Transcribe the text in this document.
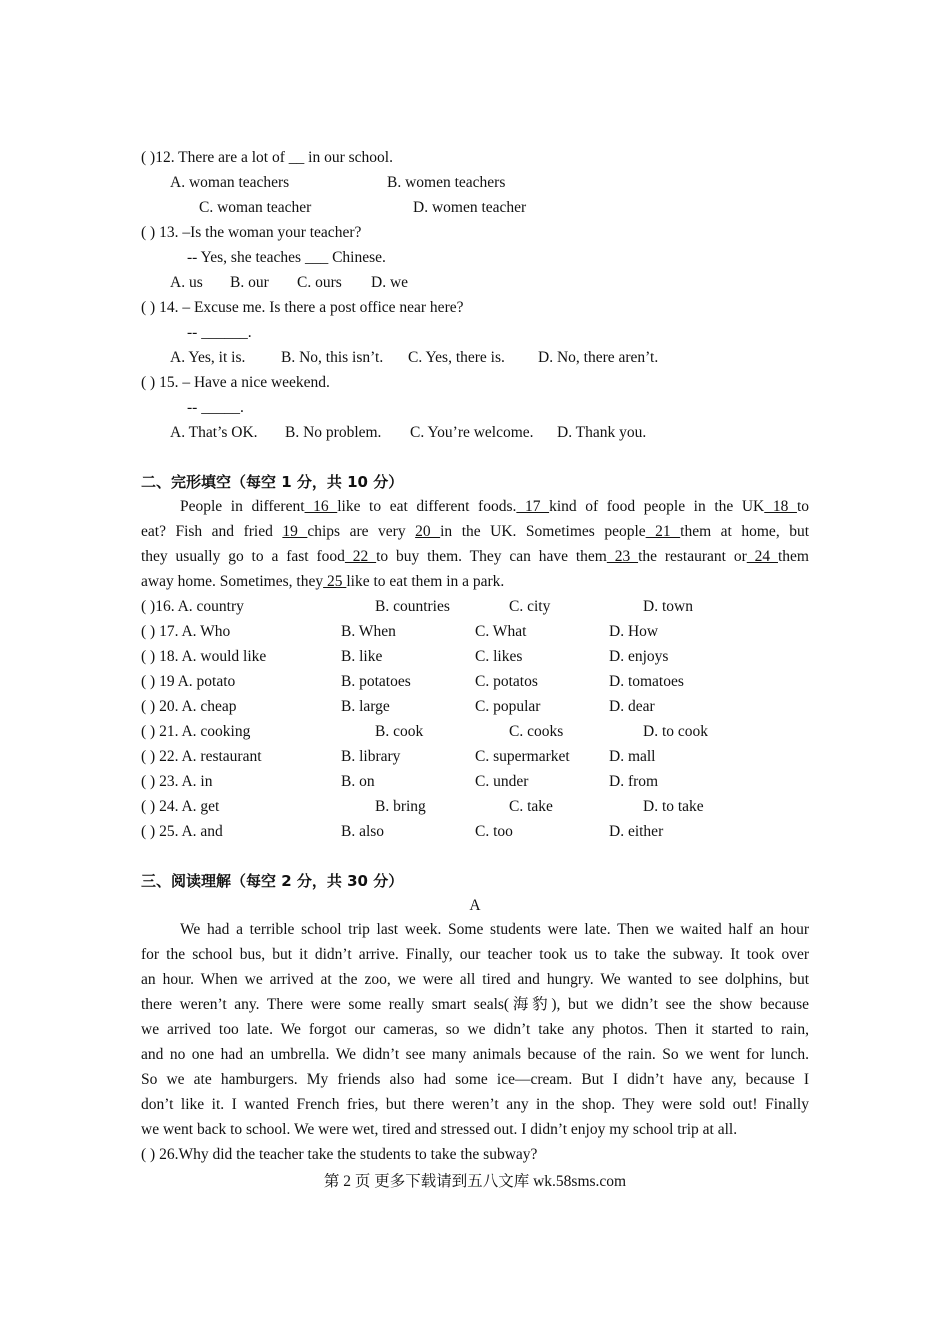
( )12. There are a lot of __ in our school.
A. woman teachers	B. women teachers
C. woman teacher	D. women teacher
( ) 13. –Is the woman your teacher?
-- Yes, she teaches ___ Chinese.
A. us B. our C. ours D. we
( ) 14. – Excuse me. Is there a post office near here?
-- ______.
A. Yes, it is. B. No, this isn’t. C. Yes, there is. D. No, there aren’t.
( ) 15. – Have a nice weekend.
-- _____.
A. That’s OK. B. No problem. C. You’re welcome. D. Thank you.
二、完形填空（每空 1 分，共 10 分）
People in different 16 like to eat different foods. 17 kind of food people in the UK 18 to
eat? Fish and fried 19 chips are very 20 in the UK. Sometimes people 21 them at home, but
they usually go to a fast food 22 to buy them. They can have them 23 the restaurant or 24 them
away home. Sometimes, they 25 like to eat them in a park.
( )16. A. country	B. countries	C. city	D. town
( ) 17. A. Who	B. When	C. What	D. How
( ) 18. A. would like	B. like	C. likes	D. enjoys
( ) 19 A. potato	B. potatoes	C. potatos	D. tomatoes
( ) 20. A. cheap	B. large	C. popular	D. dear
( ) 21. A. cooking	B. cook	C. cooks	D. to cook
( ) 22. A. restaurant	B. library	C. supermarket	D. mall
( ) 23. A. in	B. on	C. under	D. from
( ) 24. A. get	B. bring	C. take	D. to take
( ) 25. A. and	B. also	C. too	D. either
三、阅读理解（每空 2 分，共 30 分）
A
We had a terrible school trip last week. Some students were late. Then we waited half an hour
for the school bus, but it didn’t arrive. Finally, our teacher took us to take the subway. It took over
an hour. When we arrived at the zoo, we were all tired and hungry. We wanted to see dolphins, but
there weren’t any. There were some really smart seals(海豹), but we didn’t see the show because
we arrived too late. We forgot our cameras, so we didn’t take any photos. Then it started to rain,
and no one had an umbrella. We didn’t see many animals because of the rain. So we went for lunch.
So we ate hamburgers. My friends also had some ice—cream. But I didn’t have any, because I
don’t like it. I wanted French fries, but there weren’t any in the shop. They were sold out! Finally
we went back to school. We were wet, tired and stressed out. I didn’t enjoy my school trip at all.
( ) 26.Why did the teacher take the students to take the subway?
第 2 页 更多下载请到五八文库 wk.58sms.com
